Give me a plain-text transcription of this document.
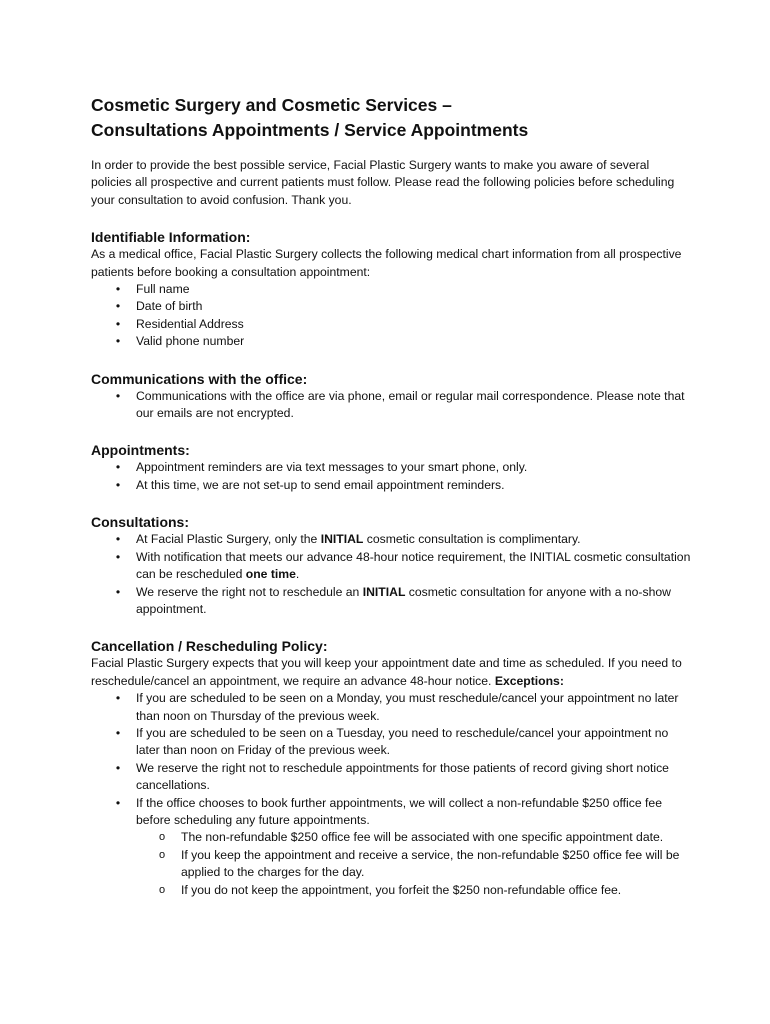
Cosmetic Surgery and Cosmetic Services –
Consultations Appointments / Service Appointments

In order to provide the best possible service, Facial Plastic Surgery wants to make you aware of several policies all prospective and current patients must follow. Please read the following policies before scheduling your consultation to avoid confusion. Thank you.

Identifiable Information:

As a medical office, Facial Plastic Surgery collects the following medical chart information from all prospective patients before booking a consultation appointment:

• Full name
• Date of birth
• Residential Address
• Valid phone number
Communications with the office:
• Communications with the office are via phone, email or regular mail correspondence. Please note that our emails are not encrypted.
Appointments:
• Appointment reminders are via text messages to your smart phone, only.
• At this time, we are not set-up to send email appointment reminders.
Consultations:
• At Facial Plastic Surgery, only the INITIAL cosmetic consultation is complimentary.
• With notification that meets our advance 48-hour notice requirement, the INITIAL cosmetic consultation can be rescheduled one time.
• We reserve the right not to reschedule an INITIAL cosmetic consultation for anyone with a no-show appointment.
Cancellation / Rescheduling Policy:

Facial Plastic Surgery expects that you will keep your appointment date and time as scheduled. If you need to reschedule/cancel an appointment, we require an advance 48-hour notice. Exceptions:

• If you are scheduled to be seen on a Monday, you must reschedule/cancel your appointment no later than noon on Thursday of the previous week.
• If you are scheduled to be seen on a Tuesday, you need to reschedule/cancel your appointment no later than noon on Friday of the previous week.
• We reserve the right not to reschedule appointments for those patients of record giving short notice cancellations.
• If the office chooses to book further appointments, we will collect a non-refundable $250 office fee before scheduling any future appointments.
o The non-refundable $250 office fee will be associated with one specific appointment date.
o If you keep the appointment and receive a service, the non-refundable $250 office fee will be applied to the charges for the day.
o If you do not keep the appointment, you forfeit the $250 non-refundable office fee.
